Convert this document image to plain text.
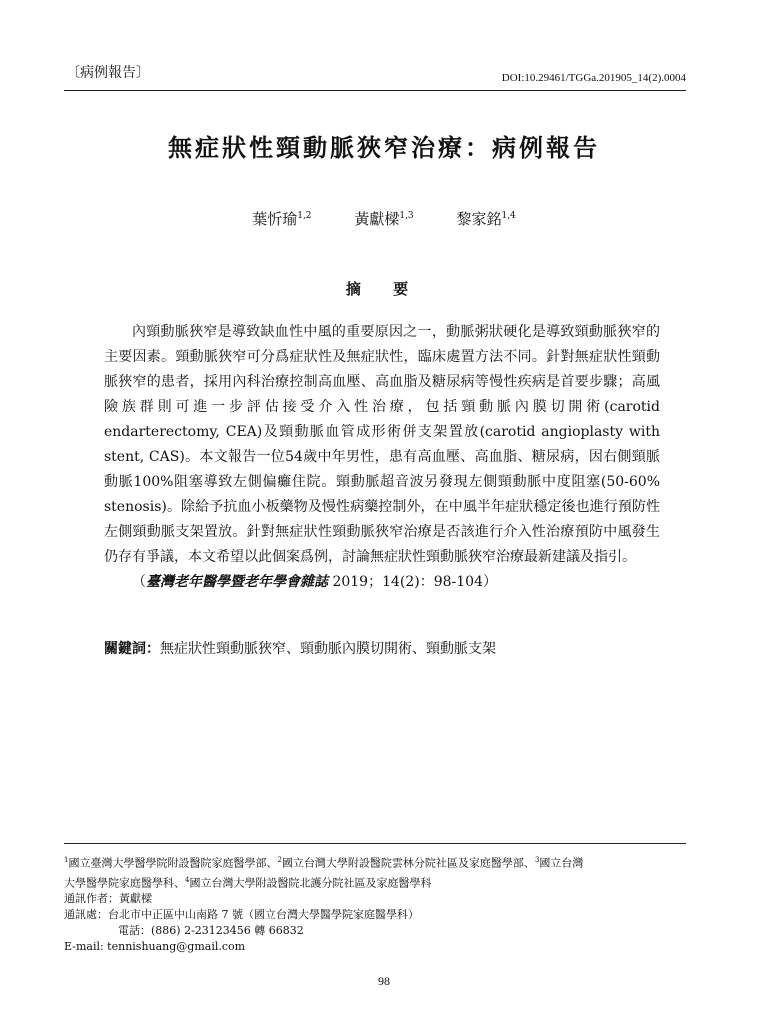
〔病例報告〕	DOI:10.29461/TGGa.201905_14(2).0004
無症狀性頸動脈狹窄治療：病例報告
葉忻瑜$^{1,2}$	黃獻樑$^{1,3}$	黎家銘$^{1,4}$
摘 要

內頸動脈狹窄是導致缺血性中風的重要原因之一，動脈粥狀硬化是導致頸動脈狹窄的主要因素。頸動脈狹窄可分爲症狀性及無症狀性，臨床處置方法不同。針對無症狀性頸動脈狹窄的患者，採用內科治療控制高血壓、高血脂及糖尿病等慢性疾病是首要步驟；高風險族群則可進一步評估接受介入性治療，包括頸動脈內膜切開術(carotid endarterectomy, CEA)及頸動脈血管成形術併支架置放(carotid angioplasty with stent, CAS)。本文報告一位54歲中年男性，患有高血壓、高血脂、糖尿病，因右側頸脈動脈100%阻塞導致左側偏癱住院。頸動脈超音波另發現左側頸動脈中度阻塞(50-60% stenosis)。除給予抗血小板藥物及慢性病藥控制外，在中風半年症狀穩定後也進行預防性左側頸動脈支架置放。針對無症狀性頸動脈狹窄治療是否該進行介入性治療預防中風發生仍存有爭議，本文希望以此個案爲例，討論無症狀性頸動脈狹窄治療最新建議及指引。

（臺灣老年醫學暨老年學會雜誌 2019；14(2)：98-104）

關鍵詞：無症狀性頸動脈狹窄、頸動脈內膜切開術、頸動脈支架
$^1$國立臺灣大學醫學院附設醫院家庭醫學部、$^2$國立台灣大學附設醫院雲林分院社區及家庭醫學部、$^3$國立台灣
大學醫學院家庭醫學科、$^4$國立台灣大學附設醫院北護分院社區及家庭醫學科
通訊作者：黃獻樑
通訊處：台北市中正區中山南路 7 號（國立台灣大學醫學院家庭醫學科）
電話：(886) 2-23123456 轉 66832
E-mail: tennishuang@gmail.com
98
